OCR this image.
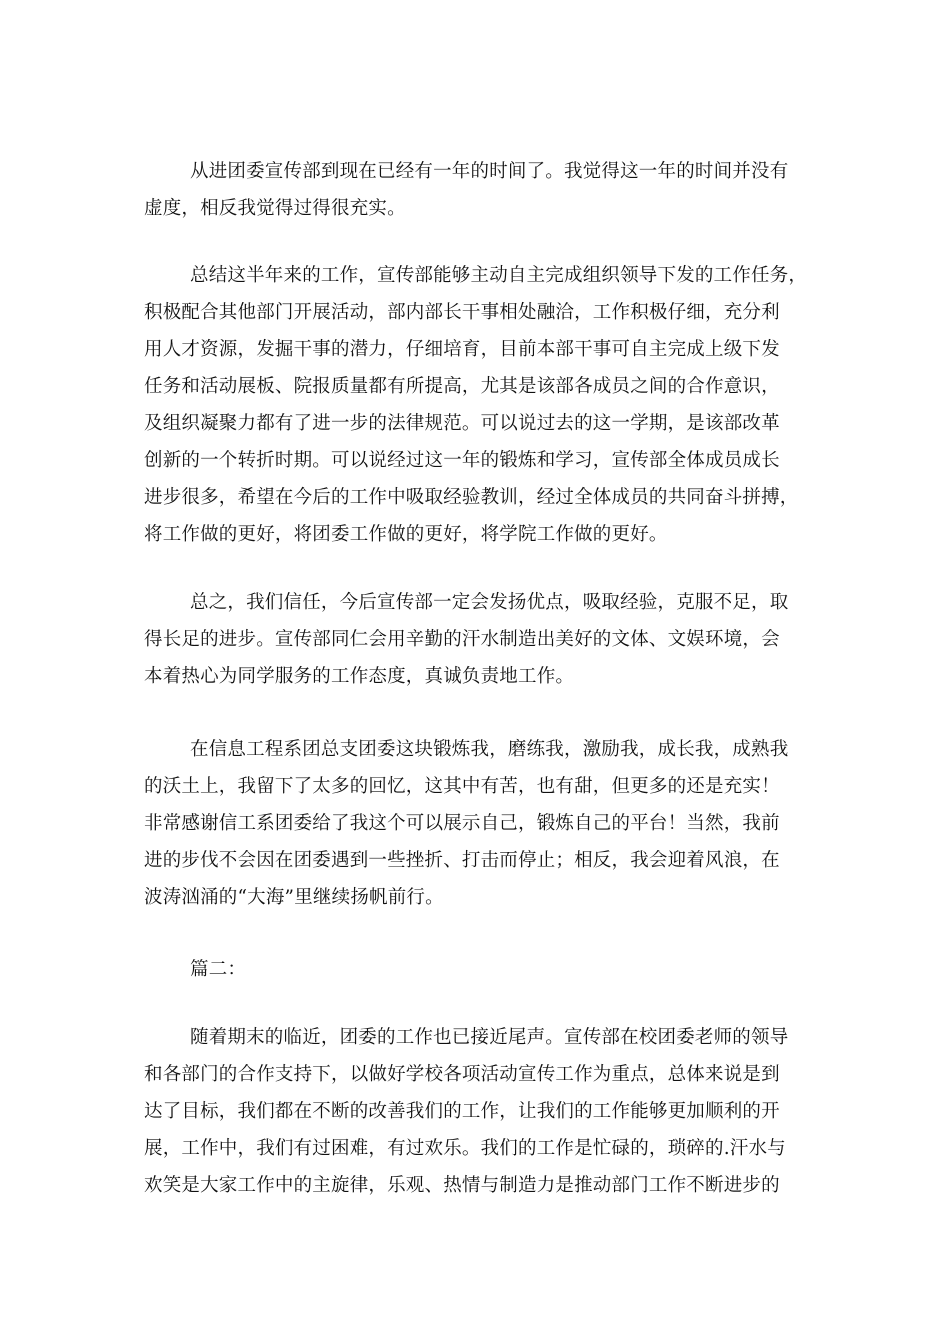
从进团委宣传部到现在已经有一年的时间了。我觉得这一年的时间并没有
虚度，相反我觉得过得很充实。
总结这半年来的工作，宣传部能够主动自主完成组织领导下发的工作任务，
积极配合其他部门开展活动，部内部长干事相处融洽，工作积极仔细，充分利
用人才资源，发掘干事的潜力，仔细培育，目前本部干事可自主完成上级下发
任务和活动展板、院报质量都有所提高，尤其是该部各成员之间的合作意识，
及组织凝聚力都有了进一步的法律规范。可以说过去的这一学期，是该部改革
创新的一个转折时期。可以说经过这一年的锻炼和学习，宣传部全体成员成长
进步很多，希望在今后的工作中吸取经验教训，经过全体成员的共同奋斗拼搏，
将工作做的更好，将团委工作做的更好，将学院工作做的更好。
总之，我们信任，今后宣传部一定会发扬优点，吸取经验，克服不足，取
得长足的进步。宣传部同仁会用辛勤的汗水制造出美好的文体、文娱环境，会
本着热心为同学服务的工作态度，真诚负责地工作。
在信息工程系团总支团委这块锻炼我，磨练我，激励我，成长我，成熟我
的沃土上，我留下了太多的回忆，这其中有苦，也有甜，但更多的还是充实！
非常感谢信工系团委给了我这个可以展示自己，锻炼自己的平台！当然，我前
进的步伐不会因在团委遇到一些挫折、打击而停止；相反，我会迎着风浪，在
波涛汹涌的“大海”里继续扬帆前行。
篇二：
随着期末的临近，团委的工作也已接近尾声。宣传部在校团委老师的领导
和各部门的合作支持下，以做好学校各项活动宣传工作为重点，总体来说是到
达了目标，我们都在不断的改善我们的工作，让我们的工作能够更加顺利的开
展，工作中，我们有过困难，有过欢乐。我们的工作是忙碌的，琐碎的.汗水与
欢笑是大家工作中的主旋律，乐观、热情与制造力是推动部门工作不断进步的
